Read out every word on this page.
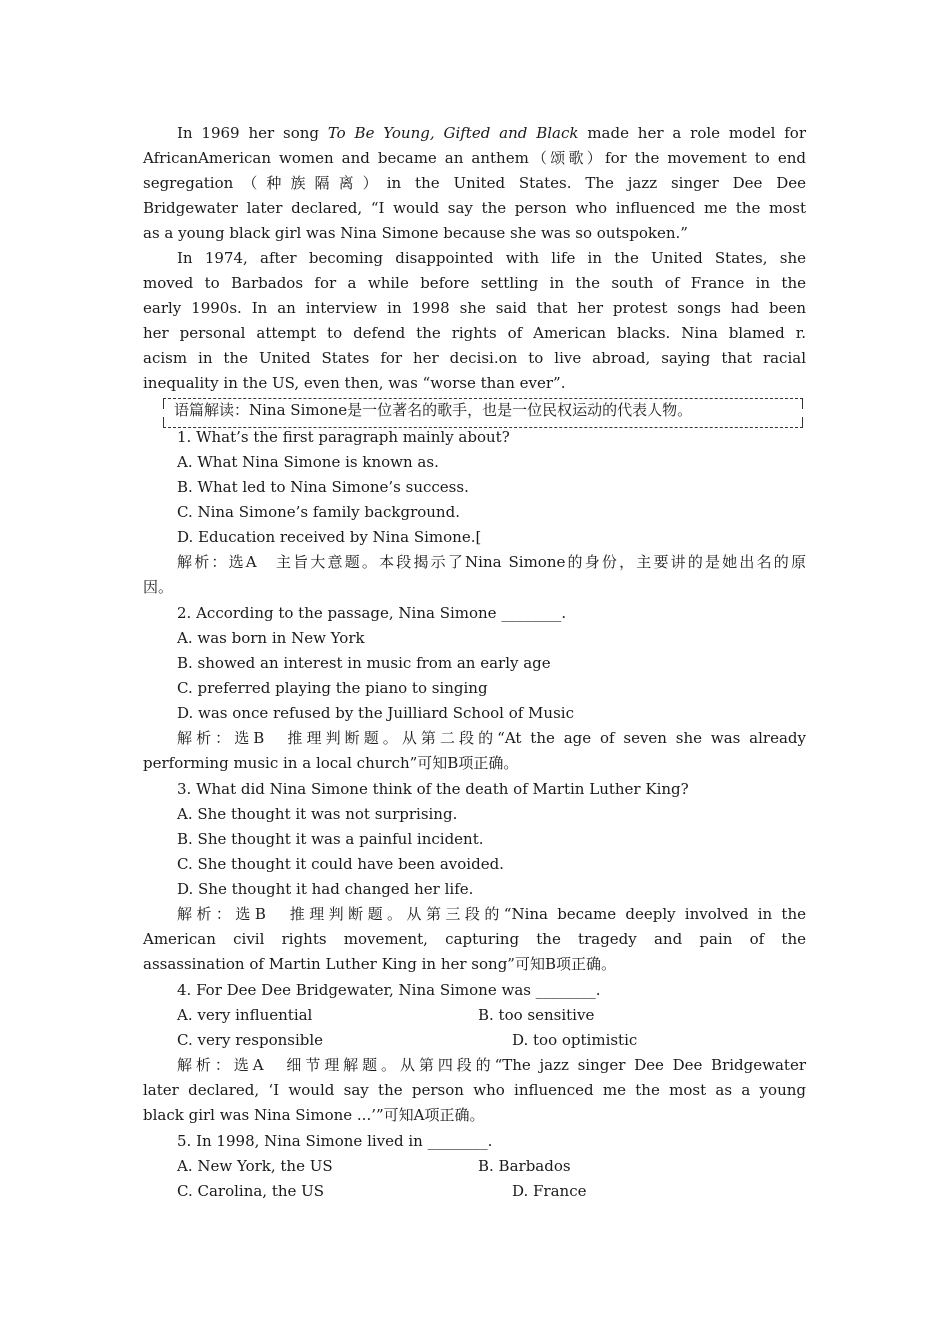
In 1969 her song To Be Young, Gifted and Black made her a role model for
AfricanAmerican women and became an anthem（颂歌）for the movement to end
segregation（种族隔离）in the United States. The jazz singer Dee Dee
Bridgewater later declared, “I would say the person who influenced me the most
as a young black girl was Nina Simone because she was so outspoken.”
In 1974, after becoming disappointed with life in the United States, she
moved to Barbados for a while before settling in the south of France in the
early 1990s. In an interview in 1998 she said that her protest songs had been
her personal attempt to defend the rights of American blacks. Nina blamed r.
acism in the United States for her decisi.on to live abroad, saying that racial
inequality in the US, even then, was “worse than ever”.
语篇解读：Nina Simone是一位著名的歌手，也是一位民权运动的代表人物。
1. What’s the first paragraph mainly about?
A. What Nina Simone is known as.
B. What led to Nina Simone’s success.
C. Nina Simone’s family background.
D. Education received by Nina Simone.[
解析：选A　主旨大意题。本段揭示了Nina Simone的身份，主要讲的是她出名的原
因。
2. According to the passage, Nina Simone ________.
A. was born in New York
B. showed an interest in music from an early age
C. preferred playing the piano to singing
D. was once refused by the Juilliard School of Music
解析：选B　推理判断题。从第二段的“At the age of seven she was already
performing music in a local church”可知B项正确。
3. What did Nina Simone think of the death of Martin Luther King?
A. She thought it was not surprising.
B. She thought it was a painful incident.
C. She thought it could have been avoided.
D. She thought it had changed her life.
解析：选B　推理判断题。从第三段的“Nina became deeply involved in the
American civil rights movement, capturing the tragedy and pain of the
assassination of Martin Luther King in her song”可知B项正确。
4. For Dee Dee Bridgewater, Nina Simone was ________.
A. very influential	B. too sensitive
C. very responsible	D. too optimistic
解析：选A　细节理解题。从第四段的“The jazz singer Dee Dee Bridgewater
later declared, ‘I would say the person who influenced me the most as a young
black girl was Nina Simone ...’”可知A项正确。
5. In 1998, Nina Simone lived in ________.
A. New York, the US	B. Barbados
C. Carolina, the US	D. France
